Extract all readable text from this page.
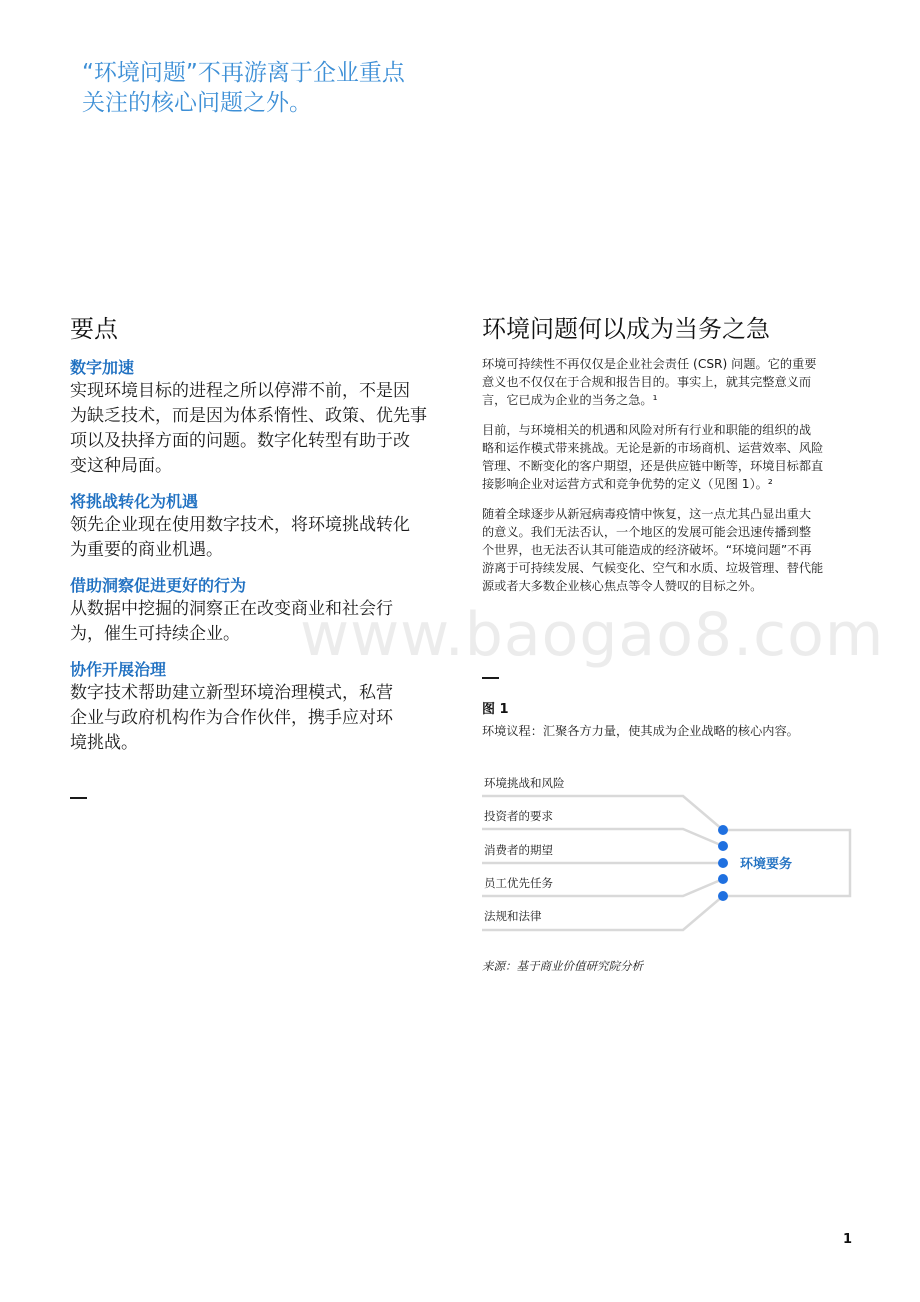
“环境问题”不再游离于企业重点
关注的核心问题之外。
要点
数字加速
实现环境目标的进程之所以停滞不前，不是因
为缺乏技术，而是因为体系惰性、政策、优先事
项以及抉择方面的问题。数字化转型有助于改
变这种局面。
将挑战转化为机遇
领先企业现在使用数字技术，将环境挑战转化
为重要的商业机遇。
借助洞察促进更好的行为
从数据中挖掘的洞察正在改变商业和社会行
为，催生可持续企业。
协作开展治理
数字技术帮助建立新型环境治理模式，私营
企业与政府机构作为合作伙伴，携手应对环
境挑战。
环境问题何以成为当务之急
环境可持续性不再仅仅是企业社会责任 (CSR) 问题。它的重要
意义也不仅仅在于合规和报告目的。事实上，就其完整意义而
言，它已成为企业的当务之急。¹
目前，与环境相关的机遇和风险对所有行业和职能的组织的战
略和运作模式带来挑战。无论是新的市场商机、运营效率、风险
管理、不断变化的客户期望，还是供应链中断等，环境目标都直
接影响企业对运营方式和竞争优势的定义（见图 1）。²
随着全球逐步从新冠病毒疫情中恢复，这一点尤其凸显出重大
的意义。我们无法否认，一个地区的发展可能会迅速传播到整
个世界，也无法否认其可能造成的经济破坏。“环境问题”不再
游离于可持续发展、气候变化、空气和水质、垃圾管理、替代能
源或者大多数企业核心焦点等令人赞叹的目标之外。
图 1
环境议程：汇聚各方力量，使其成为企业战略的核心内容。
环境挑战和风险
投资者的要求
消费者的期望
员工优先任务
法规和法律
环境要务
来源：基于商业价值研究院分析
www.baogao8.com
1
